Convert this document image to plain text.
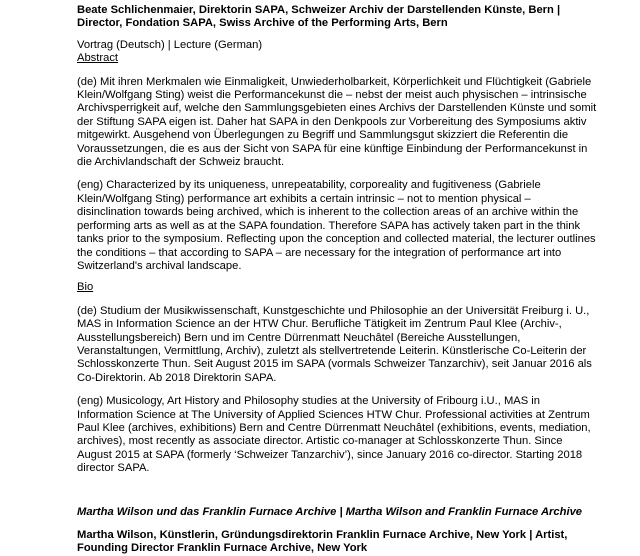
Beate Schlichenmaier, Direktorin SAPA, Schweizer Archiv der Darstellenden Künste, Bern | Director, Fondation SAPA, Swiss Archive of the Performing Arts, Bern

Vortrag (Deutsch) | Lecture (German)

Abstract

(de) Mit ihren Merkmalen wie Einmaligkeit, Unwiederholbarkeit, Körperlichkeit und Flüchtigkeit (Gabriele Klein/Wolfgang Sting) weist die Performancekunst die – nebst der meist auch physischen – intrinsische Archivsperrigkeit auf, welche den Sammlungsgebieten eines Archivs der Darstellenden Künste und somit der Stiftung SAPA eigen ist. Daher hat SAPA in den Denkpools zur Vorbereitung des Symposiums aktiv mitgewirkt. Ausgehend von Überlegungen zu Begriff und Sammlungsgut skizziert die Referentin die Voraussetzungen, die es aus der Sicht von SAPA für eine künftige Einbindung der Performancekunst in die Archivlandschaft der Schweiz braucht.

(eng) Characterized by its uniqueness, unrepeatability, corporeality and fugitiveness (Gabriele Klein/Wolfgang Sting) performance art exhibits a certain intrinsic – not to mention physical – disinclination towards being archived, which is inherent to the collection areas of an archive within the performing arts as well as at the SAPA foundation. Therefore SAPA has actively taken part in the think tanks prior to the symposium. Reflecting upon the conception and collected material, the lecturer outlines the conditions – that according to SAPA – are necessary for the integration of performance art into Switzerland's archival landscape.

Bio

(de) Studium der Musikwissenschaft, Kunstgeschichte und Philosophie an der Universität Freiburg i. U., MAS in Information Science an der HTW Chur. Berufliche Tätigkeit im Zentrum Paul Klee (Archiv-, Ausstellungsbereich) Bern und im Centre Dürrenmatt Neuchâtel (Bereiche Ausstellungen, Veranstaltungen, Vermittlung, Archiv), zuletzt als stellvertretende Leiterin. Künstlerische Co-Leiterin der Schlosskonzerte Thun. Seit August 2015 im SAPA (vormals Schweizer Tanzarchiv), seit Januar 2016 als Co-Direktorin. Ab 2018 Direktorin SAPA.

(eng) Musicology, Art History and Philosophy studies at the University of Fribourg i.U., MAS in Information Science at The University of Applied Sciences HTW Chur. Professional activities at Zentrum Paul Klee (archives, exhibitions) Bern and Centre Dürrenmatt Neuchâtel (exhibitions, events, mediation, archives), most recently as associate director. Artistic co-manager at Schlosskonzerte Thun. Since August 2015 at SAPA (formerly ‘Schweizer Tanzarchiv’), since January 2016 co-director. Starting 2018 director SAPA.

Martha Wilson und das Franklin Furnace Archive | Martha Wilson and Franklin Furnace Archive

Martha Wilson, Künstlerin, Gründungsdirektorin Franklin Furnace Archive, New York | Artist, Founding Director Franklin Furnace Archive, New York
